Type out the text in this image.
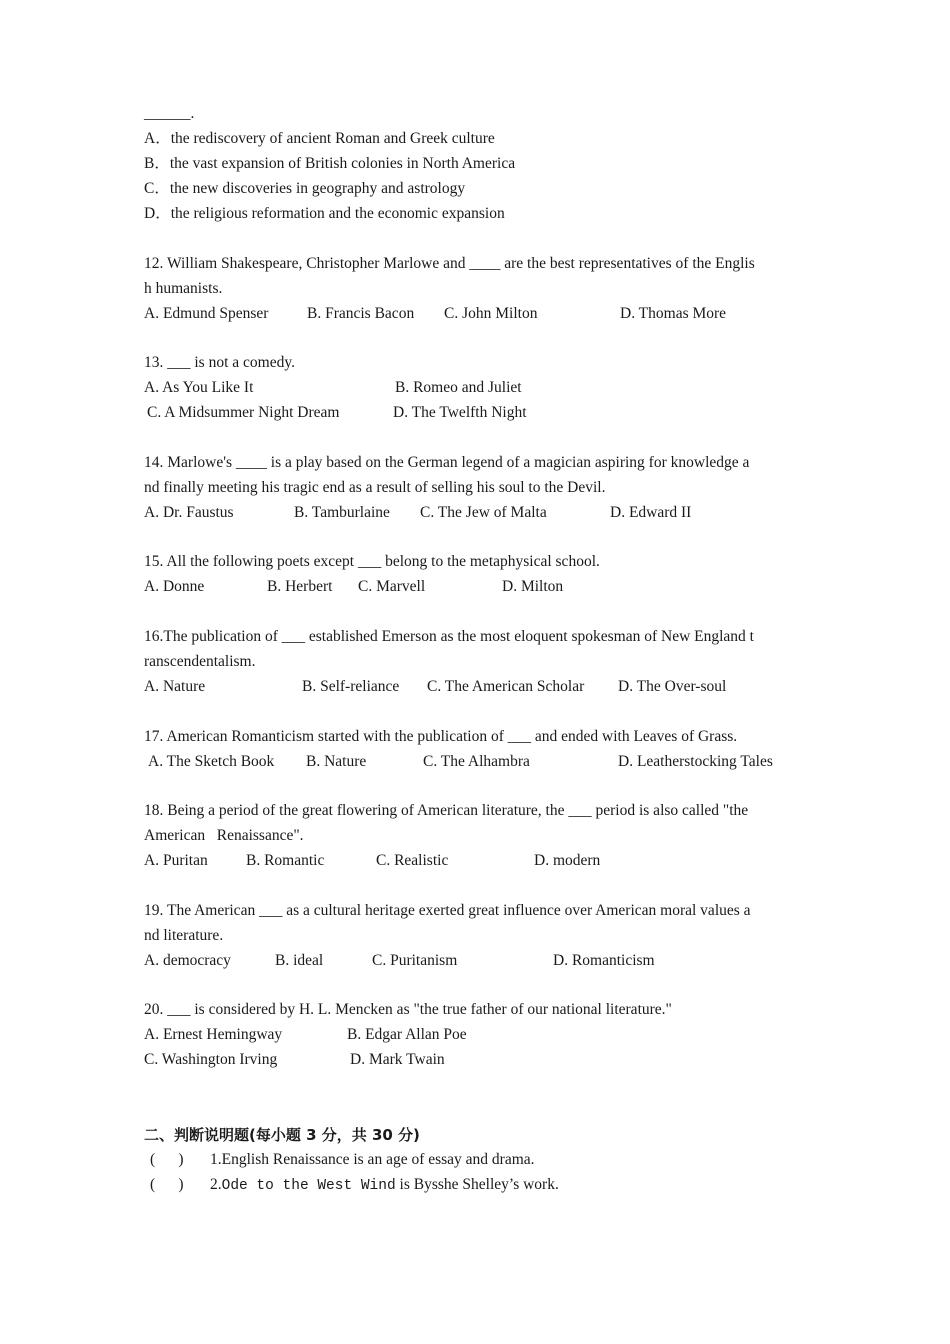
______.
A．the rediscovery of ancient Roman and Greek culture
B．the vast expansion of British colonies in North America
C．the new discoveries in geography and astrology
D．the religious reformation and the economic expansion
12. William Shakespeare, Christopher Marlowe and ____ are the best representatives of the Englis
h humanists.
A. Edmund Spenser B. Francis Bacon C. John Milton	D. Thomas More
13. ___ is not a comedy.
A. As You Like It	B. Romeo and Juliet
C. A Midsummer Night Dream	D. The Twelfth Night
14. Marlowe's ____ is a play based on the German legend of a magician aspiring for knowledge a
nd finally meeting his tragic end as a result of selling his soul to the Devil.
A. Dr. Faustus	B. Tamburlaine C. The Jew of Malta	D. Edward II
15. All the following poets except ___ belong to the metaphysical school.
A. Donne	B. Herbert C. Marvell	D. Milton
16.The publication of ___ established Emerson as the most eloquent spokesman of New England t
ranscendentalism.
A. Nature	B. Self-reliance C. The American Scholar D. The Over-soul
17. American Romanticism started with the publication of ___ and ended with Leaves of Grass.
A. The Sketch Book B. Nature	C. The Alhambra	D. Leatherstocking Tales
18. Being a period of the great flowering of American literature, the ___ period is also called "the
American   Renaissance".
A. Puritan B. Romantic	C. Realistic	D. modern
19. The American ___ as a cultural heritage exerted great influence over American moral values a
nd literature.
A. democracy	B. ideal	C. Puritanism	D. Romanticism
20. ___ is considered by H. L. Mencken as "the true father of our national literature."
A. Ernest Hemingway	B. Edgar Allan Poe
C. Washington Irving	D. Mark Twain
二、判断说明题(每小题 3 分，共 30 分)
(      ) 1.English Renaissance is an age of essay and drama.
(      ) 2.Ode to the West Wind is Bysshe Shelley’s work.
